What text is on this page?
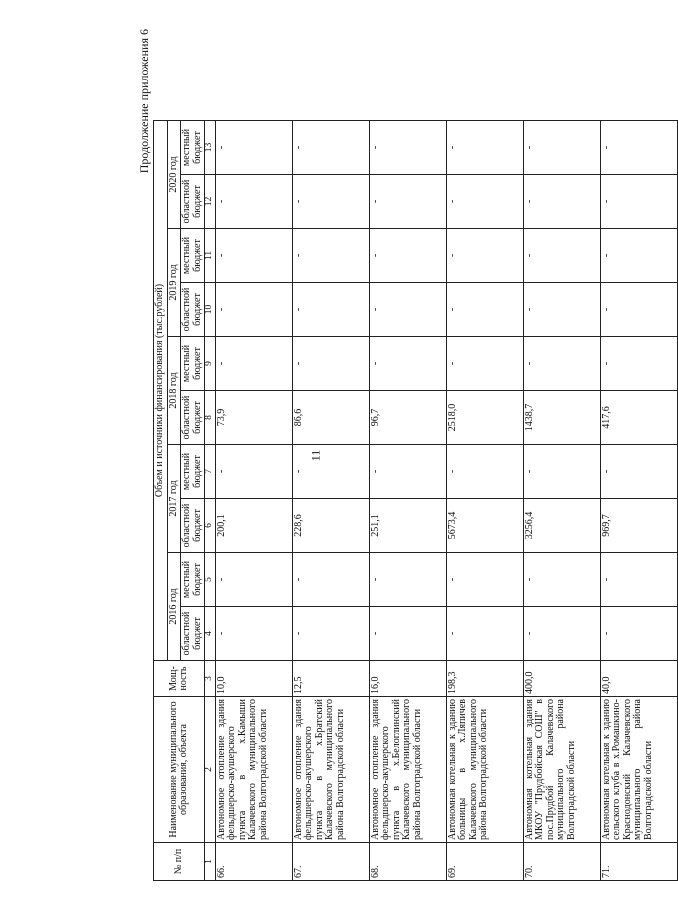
11
Продолжение приложения 6
№ п/п	Наименование муниципального образования, объекта	Мощ-ность	Объем и источники финансирования (тыс.рублей)									
			2016 год		2017 год		2018 год		2019 год		2020 год	
			областной бюджет	местный бюджет	областной бюджет	местный бюджет	областной бюджет	местный бюджет	областной бюджет	местный бюджет	областной бюджет	местный бюджет
1	2	3	4	5	6	7	8	9	10	11	12	13
66.	Автономное отопление здания фельдшерско-акушерского пункта в х.Камыши Калачевского муниципального района Волгоградской области	10,0	-	-	200,1	-	73,9	-	-	-	-	-
67.	Автономное отопление здания фельдшерско-акушерского пункта в х.Братский Калачевского муниципального района Волгоградской области	12,5	-	-	228,6	-	86,6	-	-	-	-	-
68.	Автономное отопление здания фельдшерско-акушерского пункта в х.Белоглинский Калачевского муниципального района Волгоградской области	16,0	-	-	251,1	-	96,7	-	-	-	-	-
69.	Автономная котельная к зданию больницы в х.Ляпичев Калачевского муниципального района Волгоградской области	198,3	-	-	5673,4	-	2518,0	-	-	-	-	-
70.	Автономная котельная здания МКОУ "Прудбойская СОШ" в пос.Прудбой Калачевского муниципального района Волгоградской области	400,0	-	-	3256,4	-	1438,7	-	-	-	-	-
71.	Автономная котельная к зданию сельского клуба в х.Ромашкино-Краснодонский Калачевского муниципального района Волгоградской области	40,0	-	-	969,7	-	417,6	-	-	-	-	-
